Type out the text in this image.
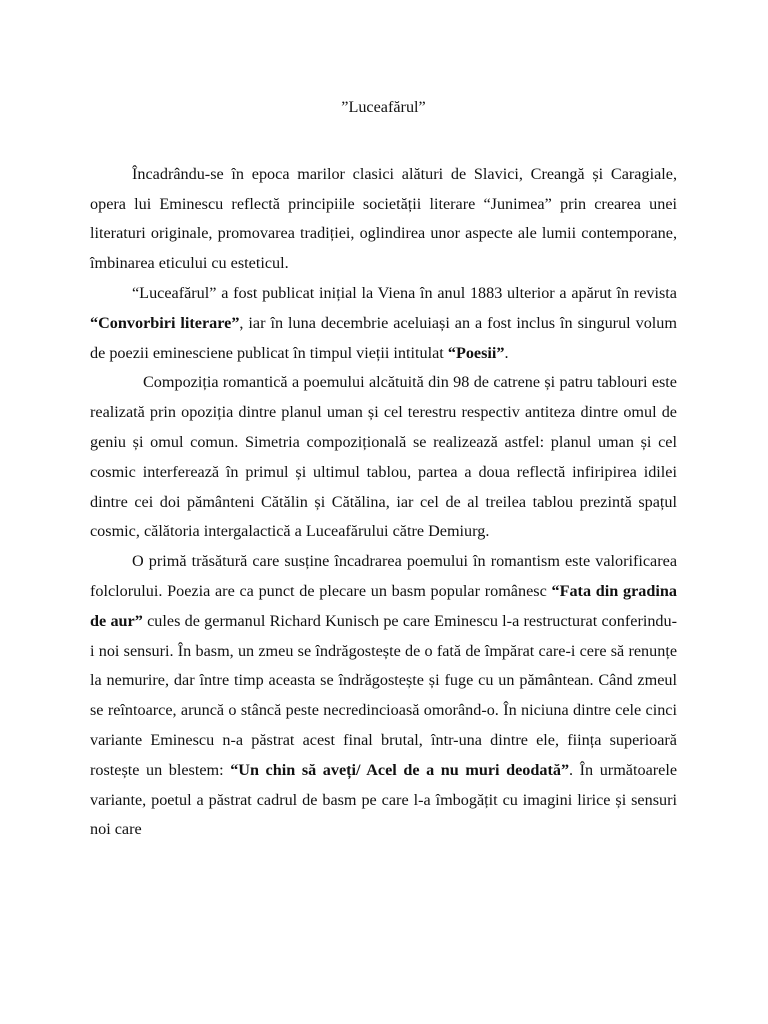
”Luceafărul”

Încadrându-se în epoca marilor clasici alături de Slavici, Creangă și Caragiale, opera lui Eminescu reflectă principiile societății literare “Junimea” prin crearea unei literaturi originale, promovarea tradiției, oglindirea unor aspecte ale lumii contemporane, îmbinarea eticului cu esteticul.

“Luceafărul” a fost publicat inițial la Viena în anul 1883 ulterior a apărut în revista “Convorbiri literare”, iar în luna decembrie aceluiași an a fost inclus în singurul volum de poezii eminesciene publicat în timpul vieții intitulat “Poesii”.

Compoziția romantică a poemului alcătuită din 98 de catrene și patru tablouri este realizată prin opoziția dintre planul uman și cel terestru respectiv antiteza dintre omul de geniu și omul comun. Simetria compozițională se realizează astfel: planul uman și cel cosmic interferează în primul și ultimul tablou, partea a doua reflectă infiripirea idilei dintre cei doi pământeni Cătălin și Cătălina, iar cel de al treilea tablou prezintă spațul cosmic, călătoria intergalactică a Luceafărului către Demiurg.

O primă trăsătură care susține încadrarea poemului în romantism este valorificarea folclorului. Poezia are ca punct de plecare un basm popular românesc “Fata din gradina de aur” cules de germanul Richard Kunisch pe care Eminescu l-a restructurat conferindu-i noi sensuri. În basm, un zmeu se îndrăgostește de o fată de împărat care-i cere să renunțe la nemurire, dar între timp aceasta se îndrăgostește și fuge cu un pământean. Când zmeul se reîntoarce, aruncă o stâncă peste necredincioasă omorând-o. În niciuna dintre cele cinci variante Eminescu n-a păstrat acest final brutal, într-una dintre ele, ființa superioară rostește un blestem: “Un chin să aveți/ Acel de a nu muri deodată”. În următoarele variante, poetul a păstrat cadrul de basm pe care l-a îmbogățit cu imagini lirice și sensuri noi care
